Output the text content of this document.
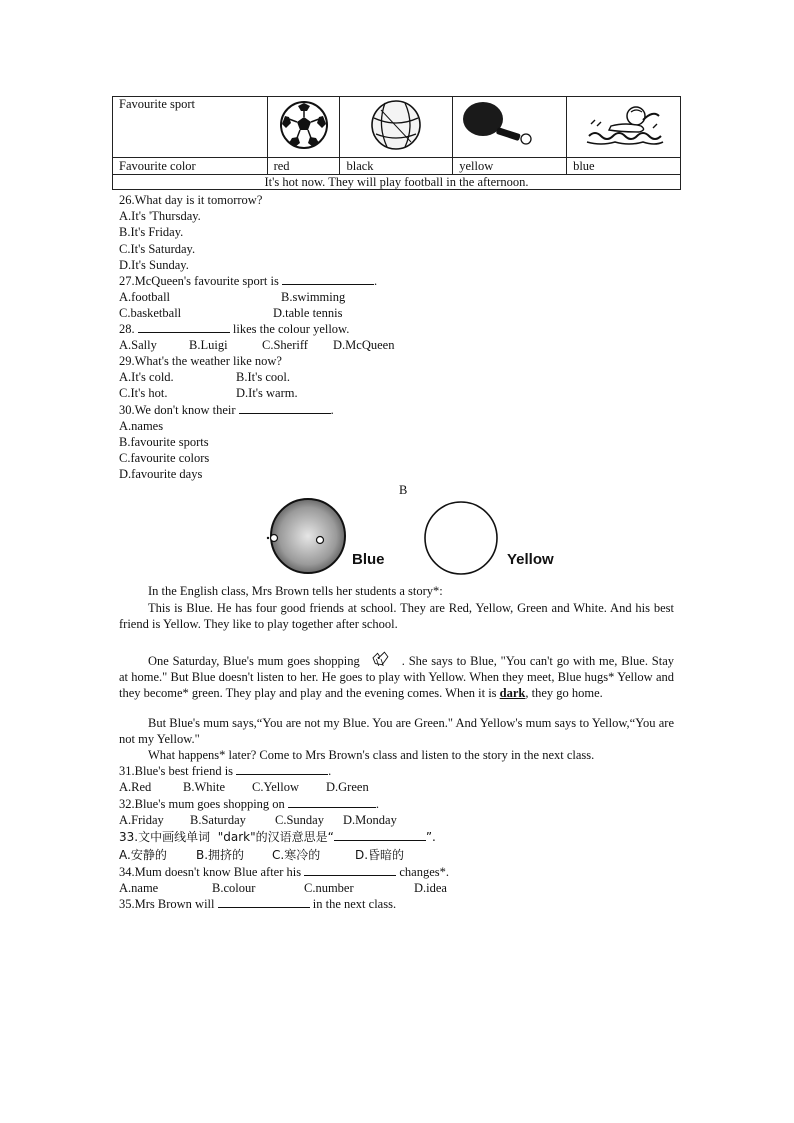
Favourite sport				
Favourite color	red	black	yellow	blue
It's hot now. They will play football in the afternoon.				
26.What day is it tomorrow?
A.It's 'Thursday.
B.It's Friday.
C.It's Saturday.
D.It's Sunday.
27.McQueen's favourite sport is	.
A.football	B.swimming
C.basketball	D.table tennis
28.	likes the colour yellow.
A.Sally	B.Luigi	C.Sheriff D.McQueen
29.What's the weather like now?
A.It's cold.	B.It's cool.
C.It's hot.	D.It's warm.
30.We don't know their	.
A.names
B.favourite sports
C.favourite colors
D.favourite days
B
Blue	Yellow
In the English class, Mrs Brown tells her students a story*:
This is Blue. He has four good friends at school. They are Red, Yellow, Green and White. And his best friend is Yellow. They like to play together after school.
One Saturday, Blue's mum goes shopping	. She says to Blue, "You can't go with me, Blue. Stay at home." But Blue doesn't listen to her. He goes to play with Yellow. When they meet, Blue hugs* Yellow and they become* green. They play and play and the evening comes. When it is dark, they go home.
But Blue's mum says,“You are not my Blue. You are Green." And Yellow's mum says to Yellow,“You are not my Yellow."
What happens* later? Come to Mrs Brown's class and listen to the story in the next class.
31.Blue's best friend is	.
A.Red	B.White C.Yellow D.Green
32.Blue's mum goes shopping on	.
A.Friday B.Saturday C.Sunday D.Monday
33.文中画线单词  "dark"的汉语意思是“	”.
A.安静的 B.拥挤的 C.寒冷的	D.昏暗的
34.Mum doesn't know Blue after his	changes*.
A.name	B.colour	C.number	D.idea
35.Mrs Brown will	in the next class.
